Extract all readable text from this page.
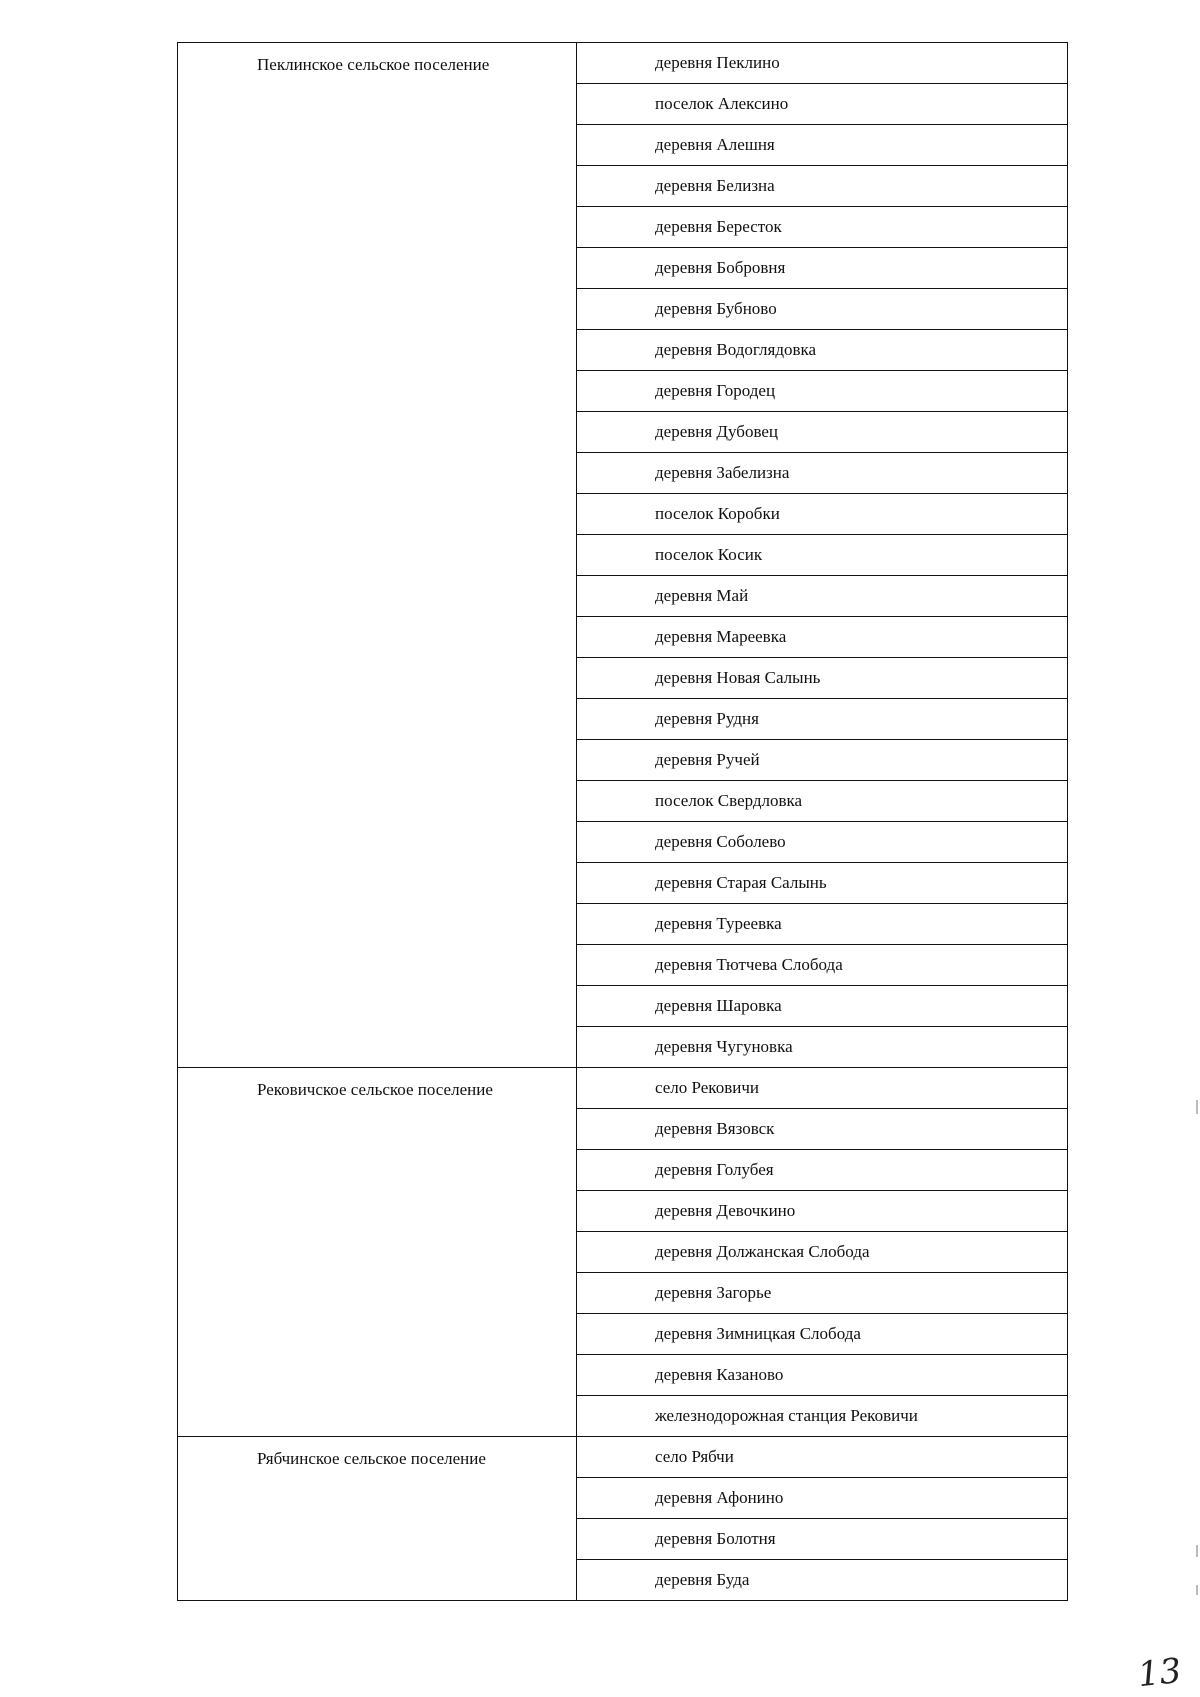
Пеклинское сельское поселение	деревня Пеклино

	поселок Алексино

	деревня Алешня

	деревня Белизна

	деревня Бересток

	деревня Бобровня

	деревня Бубново

	деревня Водоглядовка

	деревня Городец

	деревня Дубовец

	деревня Забелизна

	поселок Коробки

	поселок Косик

	деревня Май

	деревня Мареевка

	деревня Новая Салынь

	деревня Рудня

	деревня Ручей

	поселок Свердловка

	деревня Соболево

	деревня Старая Салынь

	деревня Туреевка

	деревня Тютчева Слобода

	деревня Шаровка

	деревня Чугуновка

Рековичское сельское поселение	село Рековичи

	деревня Вязовск

	деревня Голубея

	деревня Девочкино

	деревня Должанская Слобода

	деревня Загорье

	деревня Зимницкая Слобода

	деревня Казаново

	железнодорожная станция Рековичи

Рябчинское сельское поселение	село Рябчи

	деревня Афонино

	деревня Болотня

	деревня Буда
13
